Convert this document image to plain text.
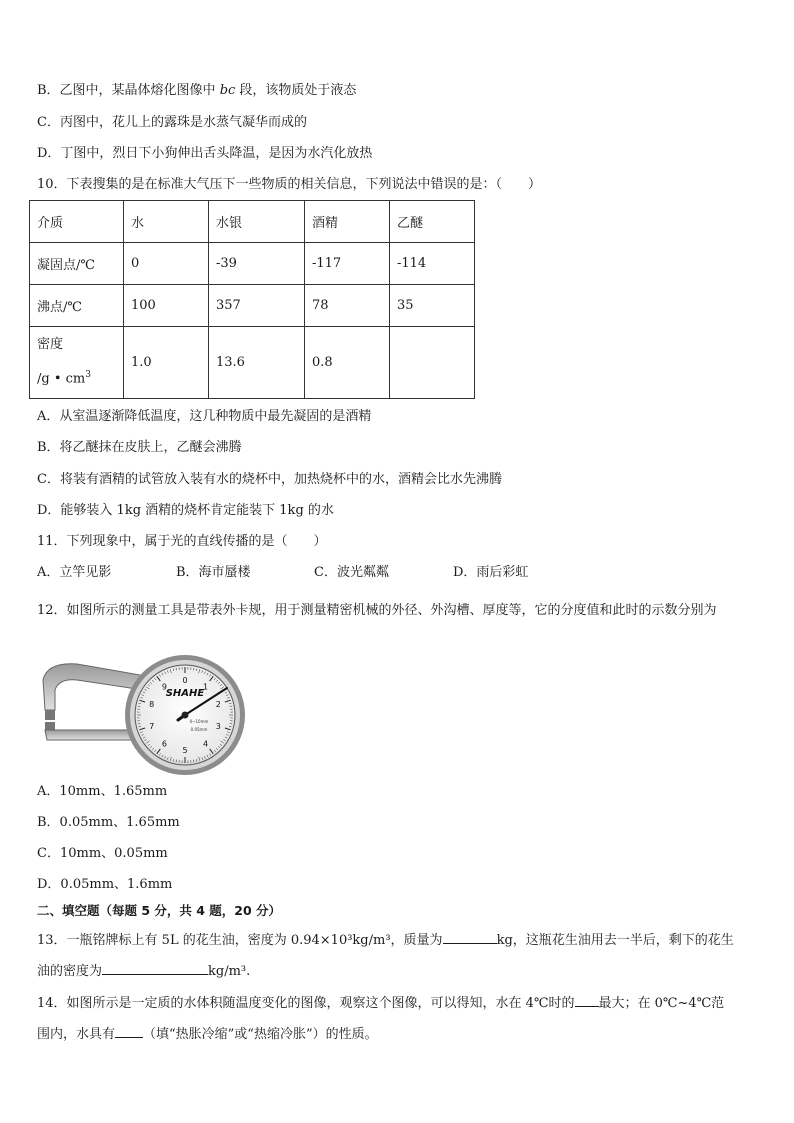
B．乙图中，某晶体熔化图像中 bc 段，该物质处于液态
C．丙图中，花儿上的露珠是水蒸气凝华而成的
D．丁图中，烈日下小狗伸出舌头降温，是因为水汽化放热
10．下表搜集的是在标准大气压下一些物质的相关信息，下列说法中错误的是：（　　）
介质	水	水银	酒精	乙醚
凝固点/℃	0	-39	-117	-114
沸点/℃	100	357	78	35

密度
/g • $cm^3$	1.0	13.6	0.8	
A．从室温逐渐降低温度，这几种物质中最先凝固的是酒精
B．将乙醚抹在皮肤上，乙醚会沸腾
C．将装有酒精的试管放入装有水的烧杯中，加热烧杯中的水，酒精会比水先沸腾
D．能够装入 1kg 酒精的烧杯肯定能装下 1kg 的水
11．下列现象中，属于光的直线传播的是（　　）
A．立竿见影	B．海市蜃楼	C．波光粼粼	D．雨后彩虹
12．如图所示的测量工具是带表外卡规，用于测量精密机械的外径、外沟槽、厚度等，它的分度值和此时的示数分别为
0
1
2
3
4
5
6
7
8
9
SHAHE
0~10mm
0.05mm
A．10mm、1.65mm
B．0.05mm、1.65mm
C．10mm、0.05mm
D．0.05mm、1.6mm
二、填空题（每题 5 分，共 4 题，20 分）
13．一瓶铭牌标上有 5L 的花生油，密度为 0.94×10³kg/m³，质量为	kg，这瓶花生油用去一半后，剩下的花生
油的密度为	kg/m³.
14．如图所示是一定质的水体积随温度变化的图像，观察这个图像，可以得知，水在 4℃时的 最大；在 0℃~4℃范
围内，水具有 （填“热胀冷缩”或“热缩冷胀”）的性质。
